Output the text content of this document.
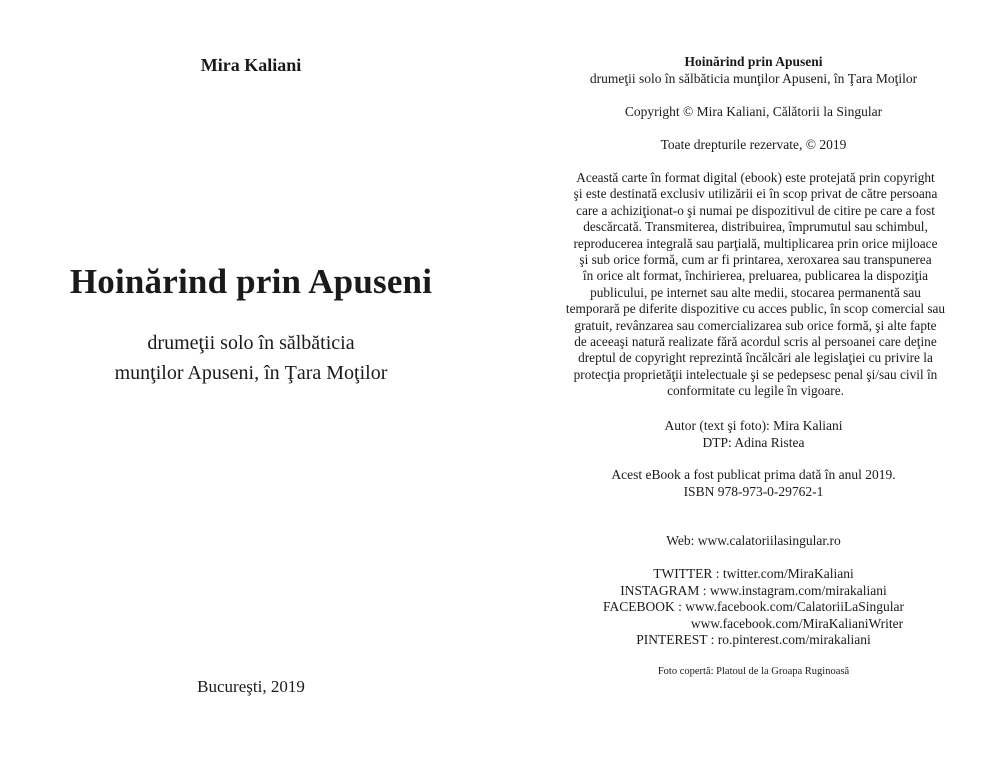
Mira Kaliani
Hoinărind prin Apuseni
drumeţii solo în sălbăticia
munţilor Apuseni, în Ţara Moţilor
Bucureşti, 2019
Hoinărind prin Apuseni
drumeţii solo în sălbăticia munţilor Apuseni, în Ţara Moţilor
Copyright © Mira Kaliani, Călătorii la Singular
Toate drepturile rezervate, © 2019
Această carte în format digital (ebook) este protejată prin copyright
şi este destinată exclusiv utilizării ei în scop privat de către persoana
care a achiziţionat-o şi numai pe dispozitivul de citire pe care a fost
descărcată. Transmiterea, distribuirea, împrumutul sau schimbul,
reproducerea integrală sau parţială, multiplicarea prin orice mijloace
şi sub orice formă, cum ar fi printarea, xeroxarea sau transpunerea
în orice alt format, închirierea, preluarea, publicarea la dispoziţia
publicului, pe internet sau alte medii, stocarea permanentă sau
temporară pe diferite dispozitive cu acces public, în scop comercial sau
gratuit, revânzarea sau comercializarea sub orice formă, şi alte fapte
de aceeaşi natură realizate fără acordul scris al persoanei care deţine
dreptul de copyright reprezintă încălcări ale legislaţiei cu privire la
protecţia proprietăţii intelectuale şi se pedepsesc penal şi/sau civil în
conformitate cu legile în vigoare.
Autor (text şi foto): Mira Kaliani
DTP: Adina Ristea
Acest eBook a fost publicat prima dată în anul 2019.
ISBN 978-973-0-29762-1
Web: www.calatoriilasingular.ro
TWITTER : twitter.com/MiraKaliani
INSTAGRAM : www.instagram.com/mirakaliani
FACEBOOK : www.facebook.com/CalatoriiLaSingular
www.facebook.com/MiraKalianiWriter
PINTEREST : ro.pinterest.com/mirakaliani
Foto copertă: Platoul de la Groapa Ruginoasă
